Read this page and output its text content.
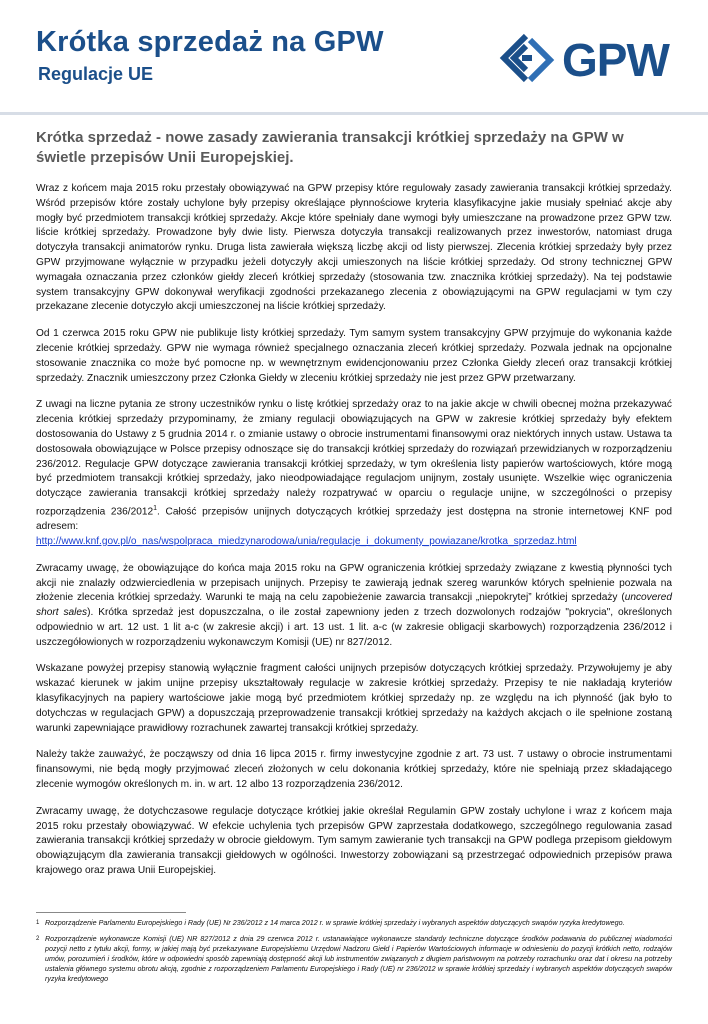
Krótka sprzedaż na GPW
Regulacje UE	GPW

Krótka sprzedaż - nowe zasady zawierania transakcji krótkiej sprzedaży na GPW w świetle przepisów Unii Europejskiej.

Wraz z końcem maja 2015 roku przestały obowiązywać na GPW przepisy które regulowały zasady zawierania transakcji krótkiej sprzedaży. Wśród przepisów które zostały uchylone były przepisy określające płynnościowe kryteria klasyfikacyjne jakie musiały spełniać akcje aby mogły być przedmiotem transakcji krótkiej sprzedaży. Akcje które spełniały dane wymogi były umieszczane na prowadzone przez GPW tzw. liście krótkiej sprzedaży. Prowadzone były dwie listy. Pierwsza dotyczyła transakcji realizowanych przez inwestorów, natomiast druga dotyczyła transakcji animatorów rynku. Druga lista zawierała większą liczbę akcji od listy pierwszej. Zlecenia krótkiej sprzedaży były przez GPW przyjmowane wyłącznie w przypadku jeżeli dotyczyły akcji umieszonych na liście krótkiej sprzedaży. Od strony technicznej GPW wymagała oznaczania przez członków giełdy zleceń krótkiej sprzedaży (stosowania tzw. znacznika krótkiej sprzedaży). Na tej podstawie system transakcyjny GPW dokonywał weryfikacji zgodności przekazanego zlecenia z obowiązującymi na GPW regulacjami w tym czy przekazane zlecenie dotyczyło akcji umieszczonej na liście krótkiej sprzedaży.

Od 1 czerwca 2015 roku GPW nie publikuje listy krótkiej sprzedaży. Tym samym system transakcyjny GPW przyjmuje do wykonania każde zlecenie krótkiej sprzedaży. GPW nie wymaga również specjalnego oznaczania zleceń krótkiej sprzedaży. Pozwala jednak na opcjonalne stosowanie znacznika co może być pomocne np. w wewnętrznym ewidencjonowaniu przez Członka Giełdy zleceń oraz transakcji krótkiej sprzedaży. Znacznik umieszczony przez Członka Giełdy w zleceniu krótkiej sprzedaży nie jest przez GPW przetwarzany.

Z uwagi na liczne pytania ze strony uczestników rynku o listę krótkiej sprzedaży oraz to na jakie akcje w chwili obecnej można przekazywać zlecenia krótkiej sprzedaży przypominamy, że zmiany regulacji obowiązujących na GPW w zakresie krótkiej sprzedaży były efektem dostosowania do Ustawy z 5 grudnia 2014 r. o zmianie ustawy o obrocie instrumentami finansowymi oraz niektórych innych ustaw. Ustawa ta dostosowała obowiązujące w Polsce przepisy odnoszące się do transakcji krótkiej sprzedaży do rozwiązań przewidzianych w rozporządzeniu 236/2012. Regulacje GPW dotyczące zawierania transakcji krótkiej sprzedaży, w tym określenia listy papierów wartościowych, które mogą być przedmiotem transakcji krótkiej sprzedaży, jako nieodpowiadające regulacjom unijnym, zostały usunięte. Wszelkie więc ograniczenia dotyczące zawierania transakcji krótkiej sprzedaży należy rozpatrywać w oparciu o regulacje unijne, w szczególności o przepisy rozporządzenia 236/2012$^1$. Całość przepisów unijnych dotyczących krótkiej sprzedaży jest dostępna na stronie internetowej KNF pod adresem:
http://www.knf.gov.pl/o_nas/wspolpraca_miedzynarodowa/unia/regulacje_i_dokumenty_powiazane/krotka_sprzedaz.html

Zwracamy uwagę, że obowiązujące do końca maja 2015 roku na GPW ograniczenia krótkiej sprzedaży związane z kwestią płynności tych akcji nie znalazły odzwierciedlenia w przepisach unijnych. Przepisy te zawierają jednak szereg warunków których spełnienie pozwala na złożenie zlecenia krótkiej sprzedaży. Warunki te mają na celu zapobieżenie zawarcia transakcji „niepokrytej” krótkiej sprzedaży (uncovered short sales). Krótka sprzedaż jest dopuszczalna, o ile został zapewniony jeden z trzech dozwolonych rodzajów "pokrycia", określonych odpowiednio w art. 12 ust. 1 lit a-c (w zakresie akcji) i art. 13 ust. 1 lit. a-c (w zakresie obligacji skarbowych) rozporządzenia 236/2012 i uszczegółowionych w rozporządzeniu wykonawczym Komisji (UE) nr 827/2012.

Wskazane powyżej przepisy stanowią wyłącznie fragment całości unijnych przepisów dotyczących krótkiej sprzedaży. Przywołujemy je aby wskazać kierunek w jakim unijne przepisy ukształtowały regulacje w zakresie krótkiej sprzedaży. Przepisy te nie nakładają kryteriów klasyfikacyjnych na papiery wartościowe jakie mogą być przedmiotem krótkiej sprzedaży np. ze względu na ich płynność (jak było to dotychczas w regulacjach GPW) a dopuszczają przeprowadzenie transakcji krótkiej sprzedaży na każdych akcjach o ile spełnione zostaną warunki zapewniające prawidłowy rozrachunek zawartej transakcji krótkiej sprzedaży.

Należy także zauważyć, że począwszy od dnia 16 lipca 2015 r. firmy inwestycyjne zgodnie z art. 73 ust. 7 ustawy o obrocie instrumentami finansowymi, nie będą mogły przyjmować zleceń złożonych w celu dokonania krótkiej sprzedaży, które nie spełniają przez składającego zlecenie wymogów określonych m. in. w art. 12 albo 13 rozporządzenia 236/2012.

Zwracamy uwagę, że dotychczasowe regulacje dotyczące krótkiej jakie określał Regulamin GPW zostały uchylone i wraz z końcem maja 2015 roku przestały obowiązywać. W efekcie uchylenia tych przepisów GPW zaprzestała dodatkowego, szczególnego regulowania zasad zawierania transakcji krótkiej sprzedaży w obrocie giełdowym. Tym samym zawieranie tych transakcji na GPW podlega przepisom giełdowym obowiązującym dla zawierania transakcji giełdowych w ogólności. Inwestorzy zobowiązani są przestrzegać odpowiednich przepisów prawa krajowego oraz prawa Unii Europejskiej.

1 Rozporządzenie Parlamentu Europejskiego i Rady (UE) Nr 236/2012 z 14 marca 2012 r. w sprawie krótkiej sprzedaży i wybranych aspektów dotyczących swapów ryzyka kredytowego.
2 Rozporządzenie wykonawcze Komisji (UE) NR 827/2012 z dnia 29 czerwca 2012 r. ustanawiające wykonawcze standardy techniczne dotyczące środków podawania do publicznej wiadomości pozycji netto z tytułu akcji, formy, w jakiej mają być przekazywane Europejskiemu Urzędowi Nadzoru Giełd i Papierów Wartościowych informacje w odniesieniu do pozycji krótkich netto, rodzajów umów, porozumień i środków, które w odpowiedni sposób zapewniają dostępność akcji lub instrumentów związanych z długiem państwowym na potrzeby rozrachunku oraz dat i okresu na potrzeby ustalenia głównego systemu obrotu akcją, zgodnie z rozporządzeniem Parlamentu Europejskiego i Rady (UE) nr 236/2012 w sprawie krótkiej sprzedaży i wybranych aspektów dotyczących swapów ryzyka kredytowego
